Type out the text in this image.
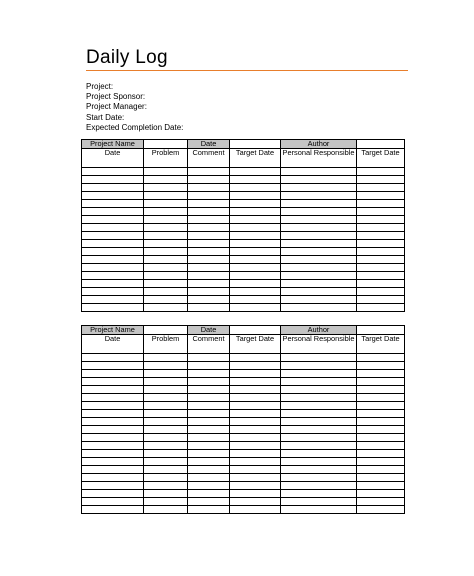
Daily Log
Project:
Project Sponsor:
Project Manager:
Start Date:
Expected Completion Date:
Project Name		Date		Author	
Date	Problem	Comment	Target Date	Personal Responsible	Target Date

Project Name		Date		Author	
Date	Problem	Comment	Target Date	Personal Responsible	Target Date
